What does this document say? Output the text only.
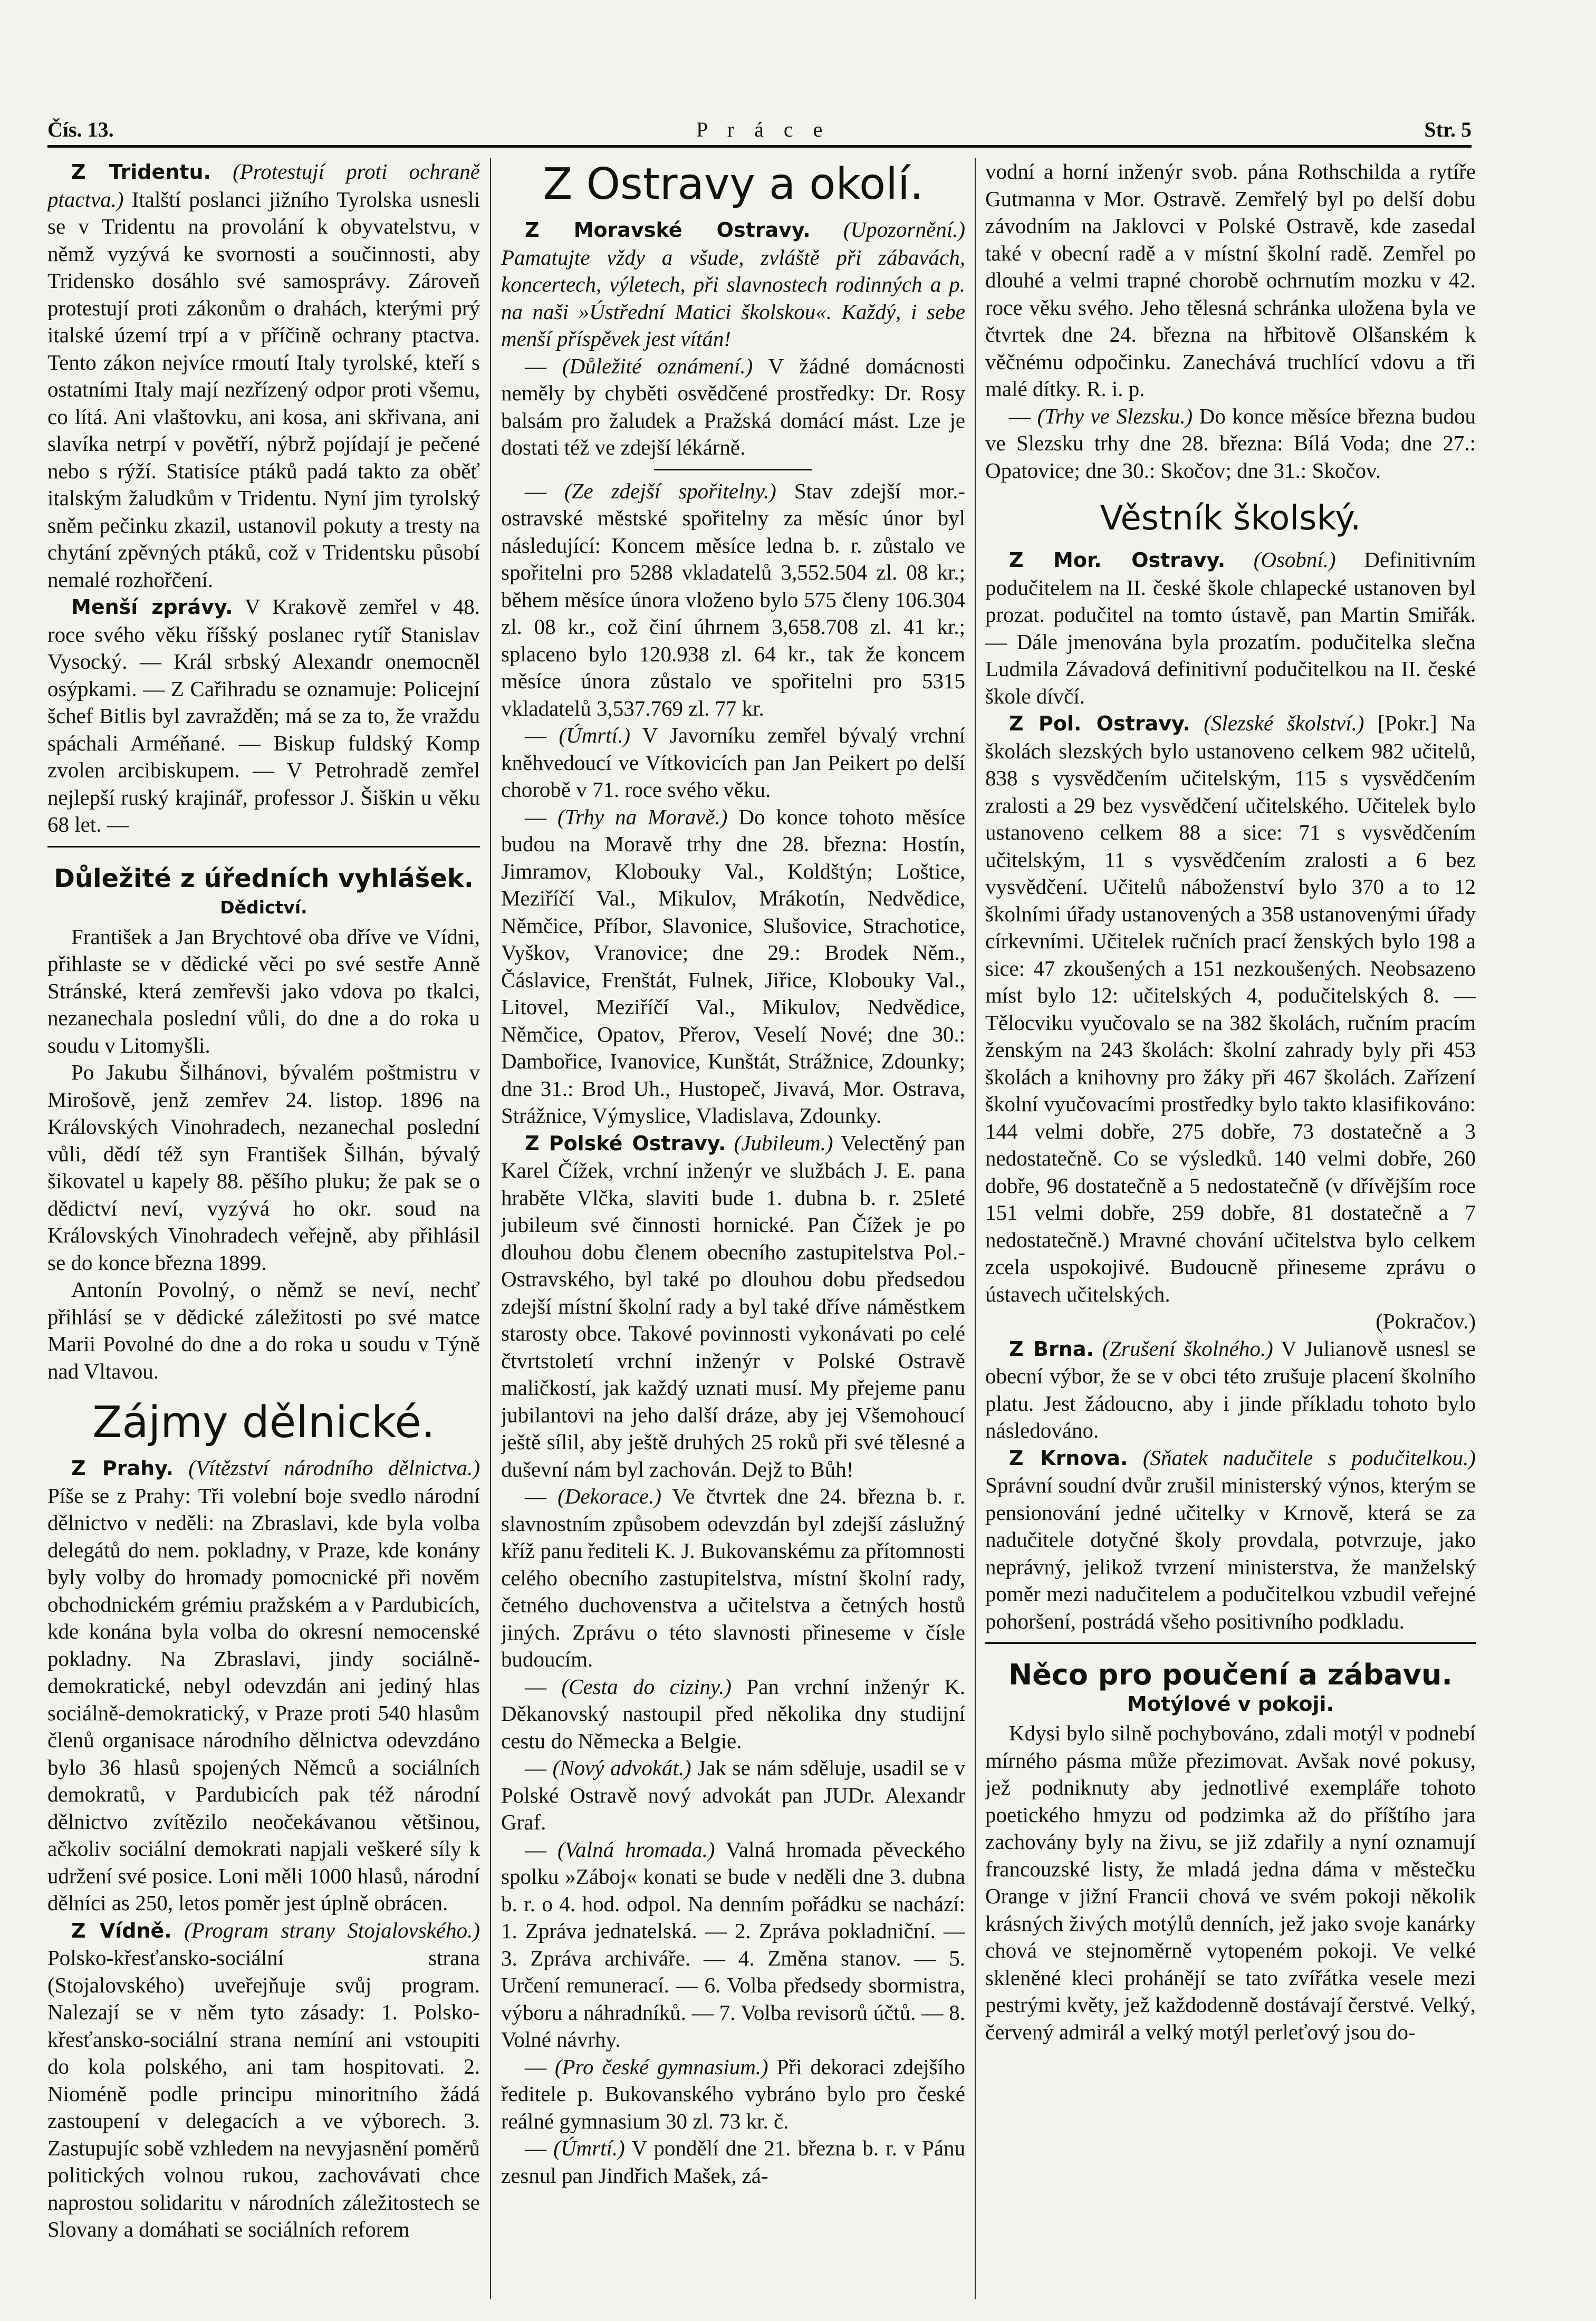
Čís. 13.	P r á c e	Str. 5

Z Tridentu. (Protestují proti ochraně ptactva.) Italští poslanci jižního Tyrolska usnesli se v Tridentu na provolání k obyvatelstvu, v němž vyzývá ke svornosti a součinnosti, aby Tridensko dosáhlo své samosprávy. Zároveň protestují proti zákonům o drahách, kterými prý italské území trpí a v příčině ochrany ptactva. Tento zákon nejvíce rmoutí Italy tyrolské, kteří s ostatními Italy mají nezřízený odpor proti všemu, co lítá. Ani vlaštovku, ani kosa, ani skřivana, ani slavíka netrpí v povětří, nýbrž pojídají je pečené nebo s rýží. Statisíce ptáků padá takto za oběť italským žaludkům v Tridentu. Nyní jim tyrolský sněm pečinku zkazil, ustanovil pokuty a tresty na chytání zpěvných ptáků, což v Tridentsku působí nemalé rozhořčení.

Menší zprávy. V Krakově zemřel v 48. roce svého věku říšský poslanec rytíř Stanislav Vysocký. — Král srbský Alexandr onemocněl osýpkami. — Z Cařihradu se oznamuje: Policejní šchef Bitlis byl zavražděn; má se za to, že vraždu spáchali Arméňané. — Biskup fuldský Komp zvolen arcibiskupem. — V Petrohradě zemřel nejlepší ruský krajinář, professor J. Šiškin u věku 68 let. —

Důležité z úředních vyhlášek.
Dědictví.

František a Jan Brychtové oba dříve ve Vídni, přihlaste se v dědické věci po své sestře Anně Stránské, která zemřevši jako vdova po tkalci, nezanechala poslední vůli, do dne a do roka u soudu v Litomyšli.

Po Jakubu Šilhánovi, bývalém poštmistru v Mirošově, jenž zemřev 24. listop. 1896 na Královských Vinohradech, nezanechal poslední vůli, dědí též syn František Šilhán, bývalý šikovatel u kapely 88. pěšího pluku; že pak se o dědictví neví, vyzývá ho okr. soud na Královských Vinohradech veřejně, aby přihlásil se do konce března 1899.

Antonín Povolný, o němž se neví, nechť přihlásí se v dědické záležitosti po své matce Marii Povolné do dne a do roka u soudu v Týně nad Vltavou.

Zájmy dělnické.

Z Prahy. (Vítězství národního dělnictva.) Píše se z Prahy: Tři volební boje svedlo národní dělnictvo v neděli: na Zbraslavi, kde byla volba delegátů do nem. pokladny, v Praze, kde konány byly volby do hromady pomocnické při nověm obchodnickém grémiu pražském a v Pardubicích, kde konána byla volba do okresní nemocenské pokladny. Na Zbraslavi, jindy sociálně-demokratické, nebyl odevzdán ani jediný hlas sociálně-demokratický, v Praze proti 540 hlasům členů organisace národního dělnictva odevzdáno bylo 36 hlasů spojených Němců a sociálních demokratů, v Pardubicích pak též národní dělnictvo zvítězilo neočekávanou většinou, ačkoliv sociální demokrati napjali veškeré síly k udržení své posice. Loni měli 1000 hlasů, národní dělníci as 250, letos poměr jest úplně obrácen.

Z Vídně. (Program strany Stojalovského.) Polsko-křesťansko-sociální strana (Stojalovského) uveřejňuje svůj program. Nalezají se v něm tyto zásady: 1. Polsko-křesťansko-sociální strana nemíní ani vstoupiti do kola polského, ani tam hospitovati. 2. Nioméně podle principu minoritního žádá zastoupení v delegacích a ve výborech. 3. Zastupujíc sobě vzhledem na nevyjasnění poměrů politických volnou rukou, zachovávati chce naprostou solidaritu v národních záležitostech se Slovany a domáhati se sociálních reforem

Z Ostravy a okolí.

Z Moravské Ostravy. (Upozornění.) Pamatujte vždy a všude, zvláště při zábavách, koncertech, výletech, při slavnostech rodinných a p. na naši »Ústřední Matici školskou«. Každý, i sebe menší příspěvek jest vítán!

— (Důležité oznámení.) V žádné domácnosti neměly by chyběti osvědčené prostředky: Dr. Rosy balsám pro žaludek a Pražská domácí mást. Lze je dostati též ve zdejší lékárně.

— (Ze zdejší spořitelny.) Stav zdejší mor.-ostravské městské spořitelny za měsíc únor byl následující: Koncem měsíce ledna b. r. zůstalo ve spořitelni pro 5288 vkladatelů 3,552.504 zl. 08 kr.; během měsíce února vloženo bylo 575 členy 106.304 zl. 08 kr., což činí úhrnem 3,658.708 zl. 41 kr.; splaceno bylo 120.938 zl. 64 kr., tak že koncem měsíce února zůstalo ve spořitelni pro 5315 vkladatelů 3,537.769 zl. 77 kr.

— (Úmrtí.) V Javorníku zemřel bývalý vrchní kněhvedoucí ve Vítkovicích pan Jan Peikert po delší chorobě v 71. roce svého věku.

— (Trhy na Moravě.) Do konce tohoto měsíce budou na Moravě trhy dne 28. března: Hostín, Jimramov, Klobouky Val., Koldštýn; Loštice, Meziříčí Val., Mikulov, Mrákotín, Nedvědice, Němčice, Příbor, Slavonice, Slušovice, Strachotice, Vyškov, Vranovice; dne 29.: Brodek Něm., Čáslavice, Frenštát, Fulnek, Jiřice, Klobouky Val., Litovel, Meziříčí Val., Mikulov, Nedvědice, Němčice, Opatov, Přerov, Veselí Nové; dne 30.: Dambořice, Ivanovice, Kunštát, Strážnice, Zdounky; dne 31.: Brod Uh., Hustopeč, Jivavá, Mor. Ostrava, Strážnice, Výmyslice, Vladislava, Zdounky.

Z Polské Ostravy. (Jubileum.) Velectěný pan Karel Čížek, vrchní inženýr ve službách J. E. pana hraběte Vlčka, slaviti bude 1. dubna b. r. 25leté jubileum své činnosti hornické. Pan Čížek je po dlouhou dobu členem obecního zastupitelstva Pol.-Ostravského, byl také po dlouhou dobu předsedou zdejší místní školní rady a byl také dříve náměstkem starosty obce. Takové povinnosti vykonávati po celé čtvrtstoletí vrchní inženýr v Polské Ostravě maličkostí, jak každý uznati musí. My přejeme panu jubilantovi na jeho další dráze, aby jej Všemohoucí ještě sílil, aby ještě druhých 25 roků při své tělesné a duševní nám byl zachován. Dejž to Bůh!

— (Dekorace.) Ve čtvrtek dne 24. března b. r. slavnostním způsobem odevzdán byl zdejší záslužný kříž panu řediteli K. J. Bukovanskému za přítomnosti celého obecního zastupitelstva, místní školní rady, četného duchovenstva a učitelstva a četných hostů jiných. Zprávu o této slavnosti přineseme v čísle budoucím.

— (Cesta do ciziny.) Pan vrchní inženýr K. Děkanovský nastoupil před několika dny studijní cestu do Německa a Belgie.

— (Nový advokát.) Jak se nám sděluje, usadil se v Polské Ostravě nový advokát pan JUDr. Alexandr Graf.

— (Valná hromada.) Valná hromada pěveckého spolku »Záboj« konati se bude v neděli dne 3. dubna b. r. o 4. hod. odpol. Na denním pořádku se nachází: 1. Zpráva jednatelská. — 2. Zpráva pokladniční. — 3. Zpráva archiváře. — 4. Změna stanov. — 5. Určení remunerací. — 6. Volba předsedy sbormistra, výboru a náhradníků. — 7. Volba revisorů účtů. — 8. Volné návrhy.

— (Pro české gymnasium.) Při dekoraci zdejšího ředitele p. Bukovanského vybráno bylo pro české reálné gymnasium 30 zl. 73 kr. č.

— (Úmrtí.) V pondělí dne 21. března b. r. v Pánu zesnul pan Jindřich Mašek, zá-

vodní a horní inženýr svob. pána Rothschilda a rytíře Gutmanna v Mor. Ostravě. Zemřelý byl po delší dobu závodním na Jaklovci v Polské Ostravě, kde zasedal také v obecní radě a v místní školní radě. Zemřel po dlouhé a velmi trapné chorobě ochrnutím mozku v 42. roce věku svého. Jeho tělesná schránka uložena byla ve čtvrtek dne 24. března na hřbitově Olšanském k věčnému odpočinku. Zanechává truchlící vdovu a tři malé dítky. R. i. p.

— (Trhy ve Slezsku.) Do konce měsíce března budou ve Slezsku trhy dne 28. března: Bílá Voda; dne 27.: Opatovice; dne 30.: Skočov; dne 31.: Skočov.

Věstník školský.

Z Mor. Ostravy. (Osobní.) Definitivním podučitelem na II. české škole chlapecké ustanoven byl prozat. podučitel na tomto ústavě, pan Martin Smiřák. — Dále jmenována byla prozatím. podučitelka slečna Ludmila Závadová definitivní podučitelkou na II. české škole dívčí.

Z Pol. Ostravy. (Slezské školství.) [Pokr.] Na školách slezských bylo ustanoveno celkem 982 učitelů, 838 s vysvědčením učitelským, 115 s vysvědčením zralosti a 29 bez vysvědčení učitelského. Učitelek bylo ustanoveno celkem 88 a sice: 71 s vysvědčením učitelským, 11 s vysvědčením zralosti a 6 bez vysvědčení. Učitelů náboženství bylo 370 a to 12 školními úřady ustanovených a 358 ustanovenými úřady církevními. Učitelek ručních prací ženských bylo 198 a sice: 47 zkoušených a 151 nezkoušených. Neobsazeno míst bylo 12: učitelských 4, podučitelských 8. — Tělocviku vyučovalo se na 382 školách, ručním pracím ženským na 243 školách: školní zahrady byly při 453 školách a knihovny pro žáky při 467 školách. Zařízení školní vyučovacími prostředky bylo takto klasifikováno: 144 velmi dobře, 275 dobře, 73 dostatečně a 3 nedostatečně. Co se výsledků. 140 velmi dobře, 260 dobře, 96 dostatečně a 5 nedostatečně (v dřívějším roce 151 velmi dobře, 259 dobře, 81 dostatečně a 7 nedostatečně.) Mravné chování učitelstva bylo celkem zcela uspokojivé. Budoucně přineseme zprávu o ústavech učitelských.

(Pokračov.)

Z Brna. (Zrušení školného.) V Julianově usnesl se obecní výbor, že se v obci této zrušuje placení školního platu. Jest žádoucno, aby i jinde příkladu tohoto bylo následováno.

Z Krnova. (Sňatek nadučitele s podučitelkou.) Správní soudní dvůr zrušil ministerský výnos, kterým se pensionování jedné učitelky v Krnově, která se za nadučitele dotyčné školy provdala, potvrzuje, jako neprávný, jelikož tvrzení ministerstva, že manželský poměr mezi nadučitelem a podučitelkou vzbudil veřejné pohoršení, postrádá všeho positivního podkladu.

Něco pro poučení a zábavu.
Motýlové v pokoji.

Kdysi bylo silně pochybováno, zdali motýl v podnebí mírného pásma může přezimovat. Avšak nové pokusy, jež podniknuty aby jednotlivé exempláře tohoto poetického hmyzu od podzimka až do příštího jara zachovány byly na živu, se již zdařily a nyní oznamují francouzské listy, že mladá jedna dáma v městečku Orange v jižní Francii chová ve svém pokoji několik krásných živých motýlů denních, jež jako svoje kanárky chová ve stejnoměrně vytopeném pokoji. Ve velké skleněné kleci prohánějí se tato zvířátka vesele mezi pestrými květy, jež každodenně dostávají čerstvé. Velký, červený admirál a velký motýl perleťový jsou do-
